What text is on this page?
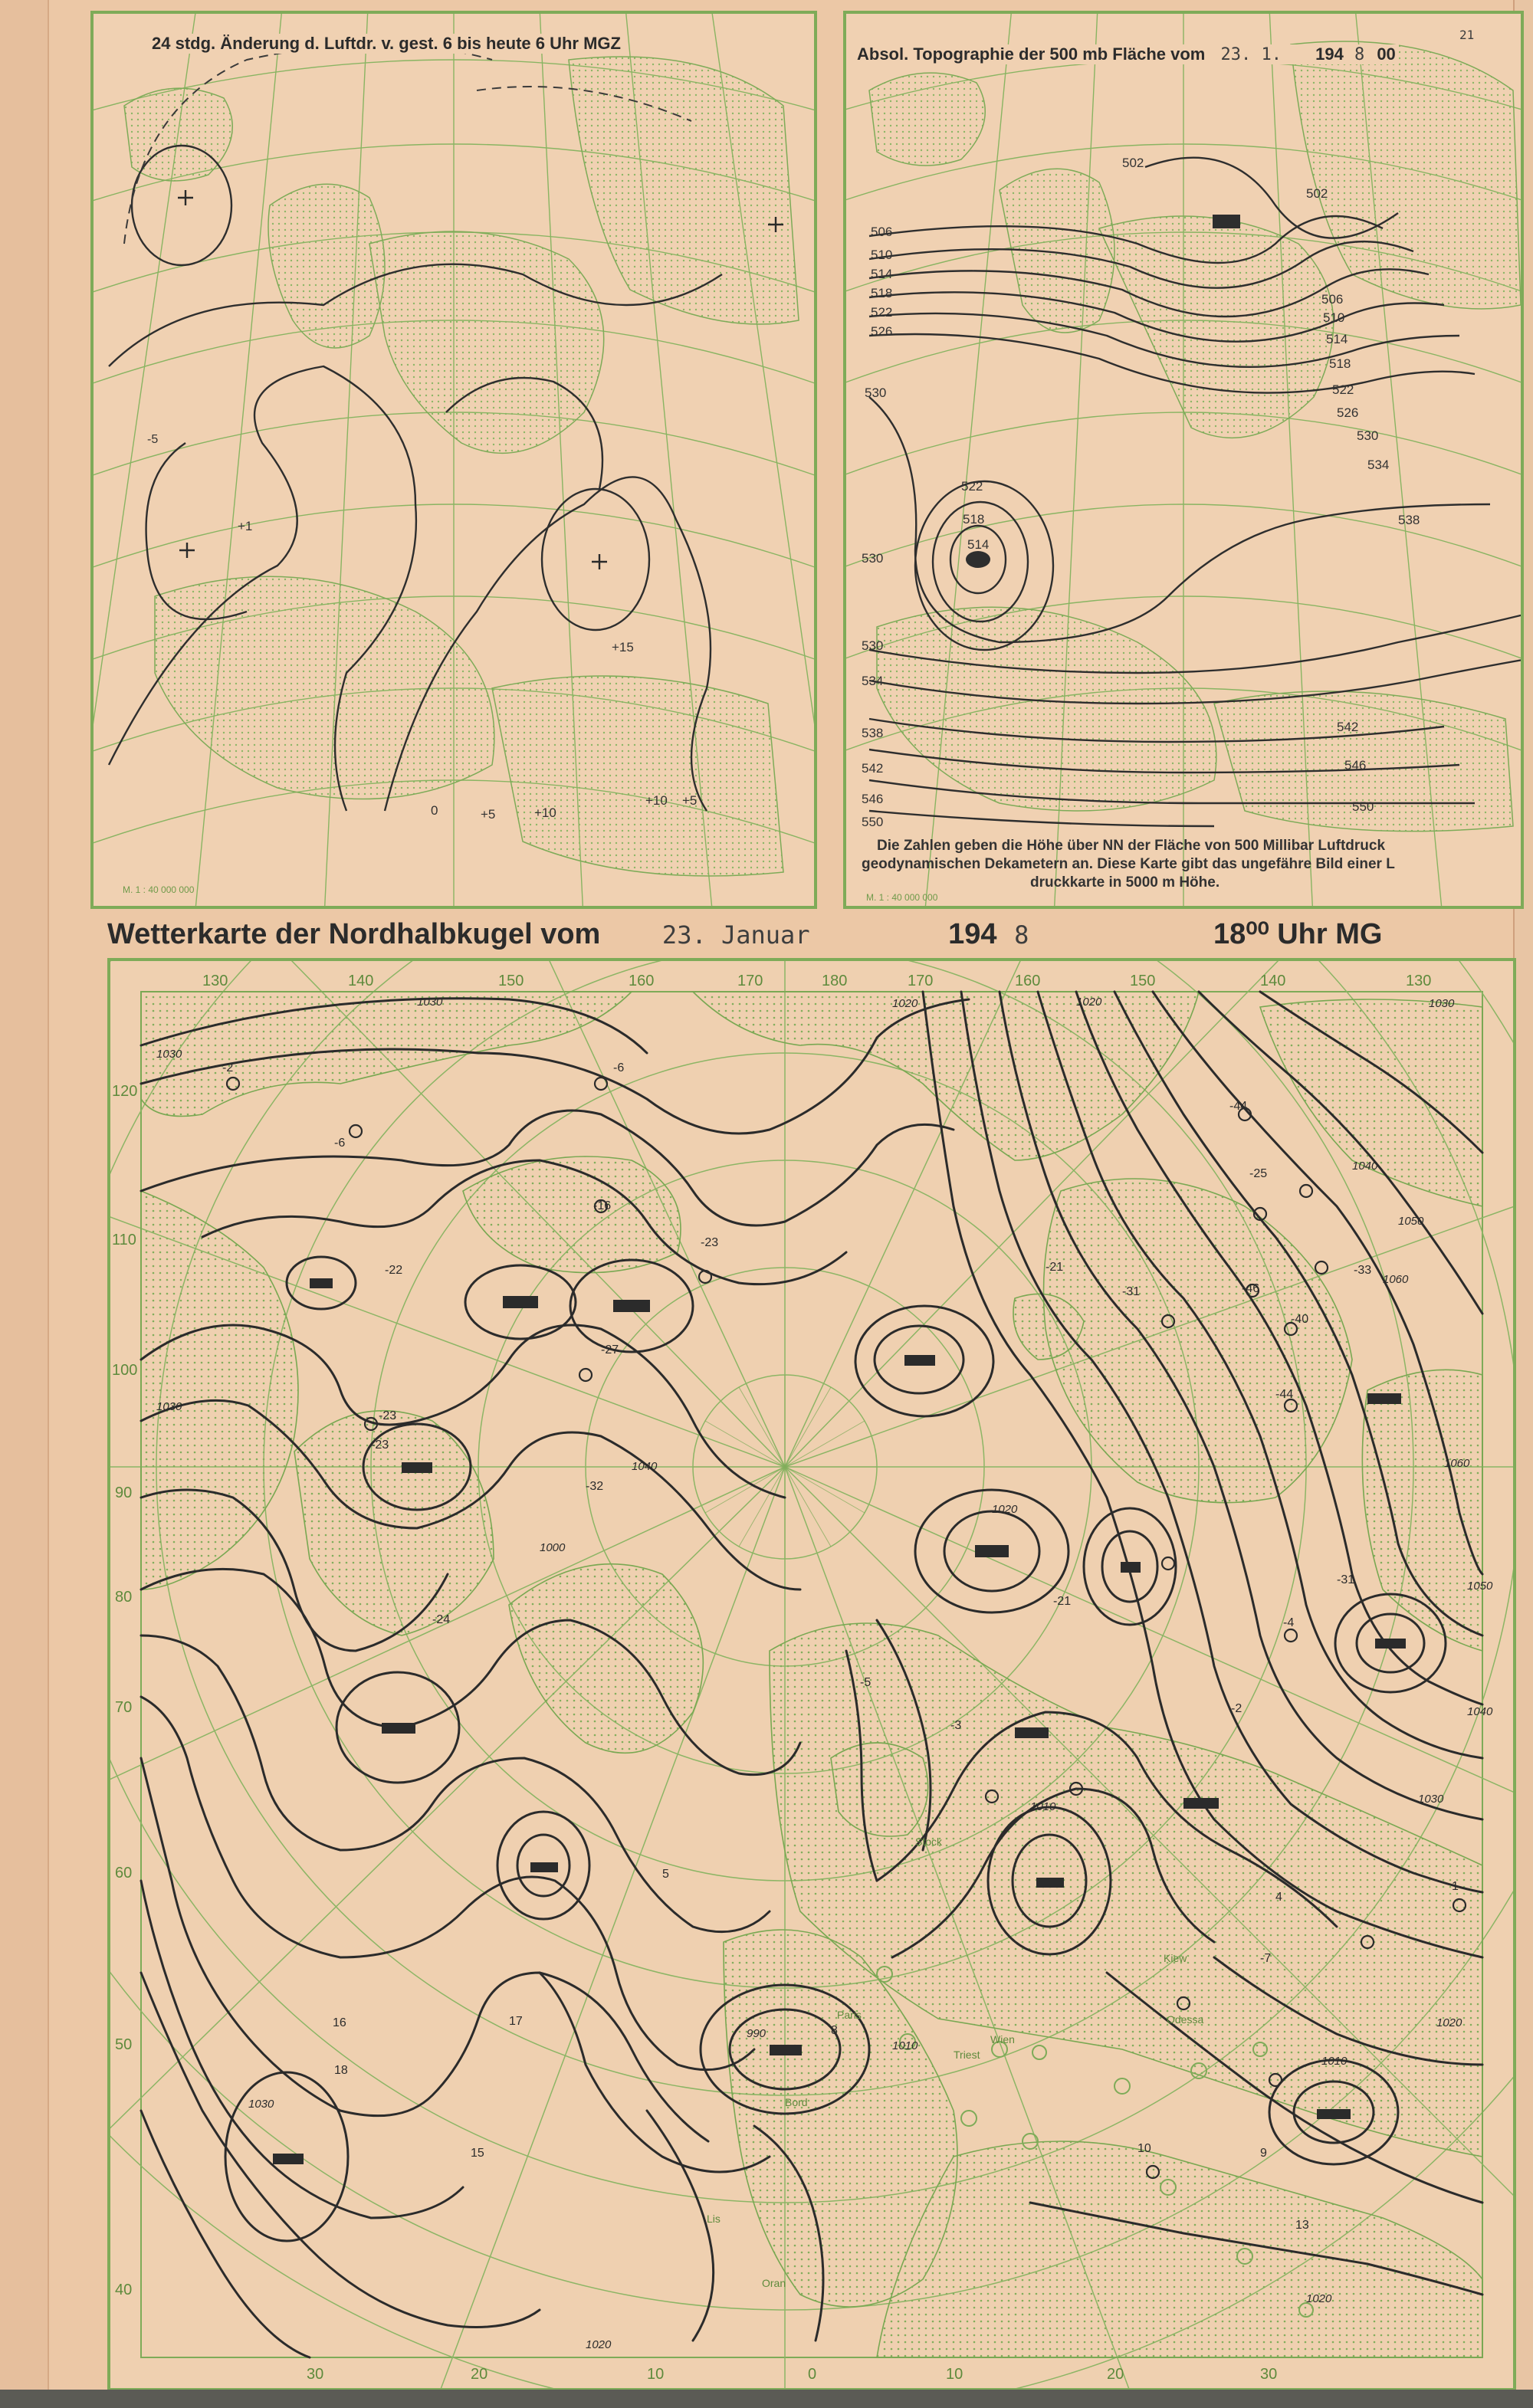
24 stdg. Änderung d. Luftdr. v. gest. 6 bis heute 6 Uhr MGZ
M. 1 : 40 000 000
-5
0	+5	+10
+10 +5
+15
+1
Absol. Topographie der 500 mb Fläche vom 23. 1. 194 8 00
21
502
502
506
510
514
518
522
526
530
530
522
518
514
506
510
514
518
522
526
530
534
538
530
534
538
542
546
550
542
546
550
Die Zahlen geben die Höhe über NN der Fläche von 500 Millibar Luftdruck
geodynamischen Dekametern an. Diese Karte gibt das ungefähre Bild einer L
druckkarte in 5000 m Höhe.
M. 1 : 40 000 000
Wetterkarte der Nordhalbkugel vom	23. Januar	194 8	18⁰⁰ Uhr MG
130	140	150	160	170	180	170	160	150	140	130
120
110
100
90
80
70
60
50
40
30	20	10	0	10	20	30
1030
1030
1030
1020
1040
1050
1060
1060
1050
1040
1030
1020
1010
1010
1040
1020
1030
1020
1010
990
1000
1020
1030
1020
-2	-6
-6
-16
-23
-22
-27
-23
-21
-31
-44
-25
-33
-46
-40
-44
-31
-21
-32
-24
-23
-4
-5
-2
-3
-7
1
4
5
8
10	9
13
16
18
17
15
Paris
Wien
Triest
Kiew
Odessa
Bord
Oran
Lis
Stock
